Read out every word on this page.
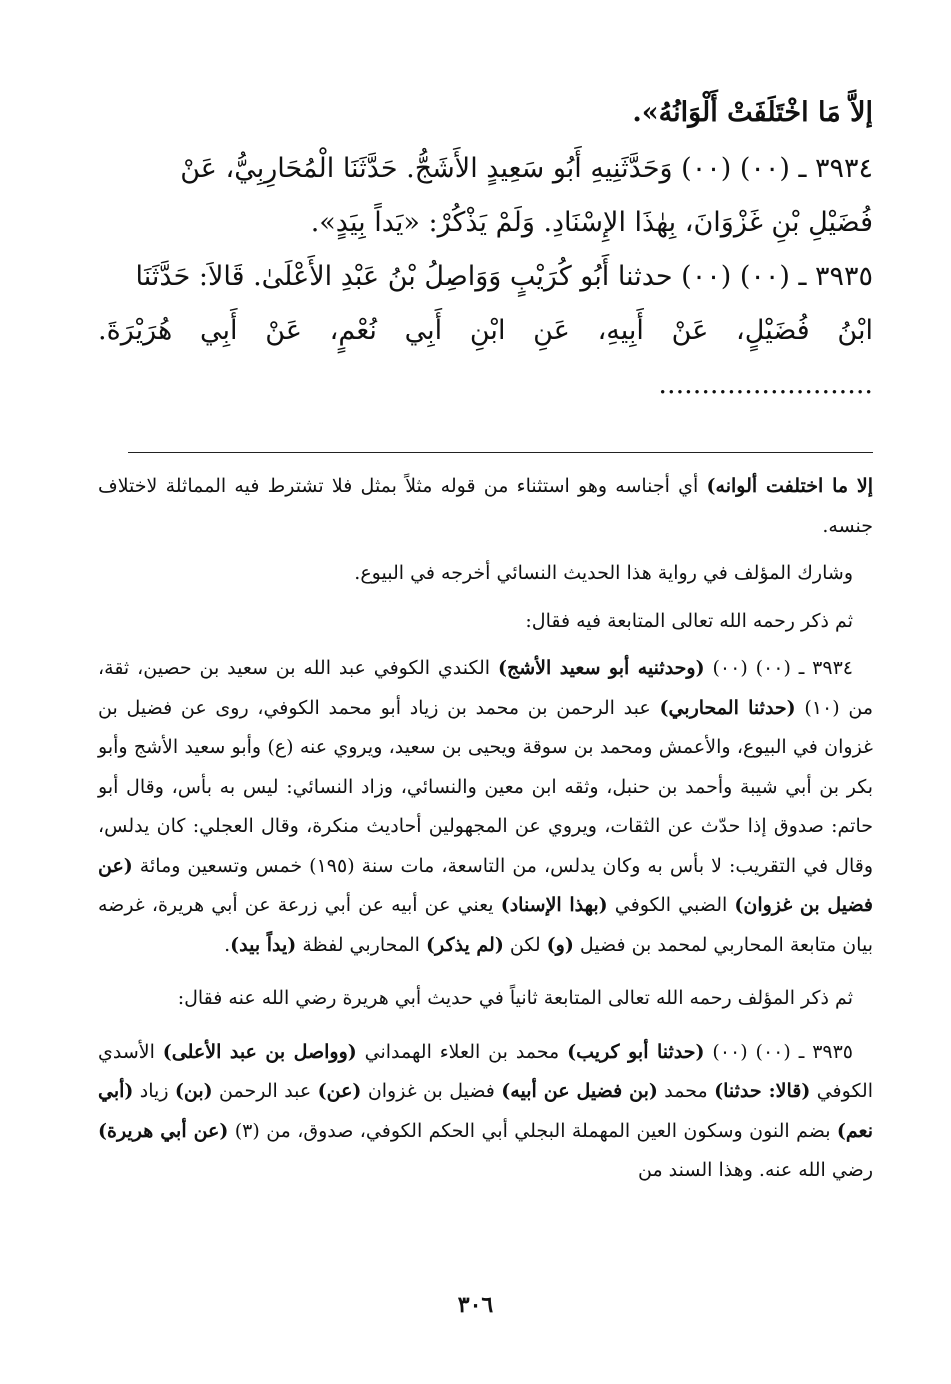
إلاَّ مَا اخْتَلَفَتْ أَلْوَانُهُ».

٣٩٣٤ ـ (٠٠) (٠٠) وَحَدَّثَنِيهِ أَبُو سَعِيدٍ الأَشَجُّ. حَدَّثَنَا الْمُحَارِبِيُّ، عَنْ
فُضَيْلِ بْنِ غَزْوَانَ، بِهٰذَا الإِسْنَادِ. وَلَمْ يَذْكُرْ: «يَداً بِيَدٍ».

٣٩٣٥ ـ (٠٠) (٠٠) حدثنا أَبُو كُرَيْبٍ وَوَاصِلُ بْنُ عَبْدِ الأَعْلَىٰ. قَالاَ: حَدَّثَنَا
ابْنُ فُضَيْلٍ، عَنْ أَبِيهِ، عَنِ ابْنِ أَبِي نُعْمٍ، عَنْ أَبِي هُرَيْرَةَ. .........................

إلا ما اختلفت ألوانه) أي أجناسه وهو استثناء من قوله مثلاً بمثل فلا تشترط فيه المماثلة لاختلاف جنسه.

وشارك المؤلف في رواية هذا الحديث النسائي أخرجه في البيوع.

ثم ذكر رحمه الله تعالى المتابعة فيه فقال:

٣٩٣٤ ـ (٠٠) (٠٠) (وحدثنيه أبو سعيد الأشج) الكندي الكوفي عبد الله بن سعيد بن حصين، ثقة، من (١٠) (حدثنا المحاربي) عبد الرحمن بن محمد بن زياد أبو محمد الكوفي، روى عن فضيل بن غزوان في البيوع، والأعمش ومحمد بن سوقة ويحيى بن سعيد، ويروي عنه (ع) وأبو سعيد الأشج وأبو بكر بن أبي شيبة وأحمد بن حنبل، وثقه ابن معين والنسائي، وزاد النسائي: ليس به بأس، وقال أبو حاتم: صدوق إذا حدّث عن الثقات، ويروي عن المجهولين أحاديث منكرة، وقال العجلي: كان يدلس، وقال في التقريب: لا بأس به وكان يدلس، من التاسعة، مات سنة (١٩٥) خمس وتسعين ومائة (عن فضيل بن غزوان) الضبي الكوفي (بهذا الإسناد) يعني عن أبيه عن أبي زرعة عن أبي هريرة، غرضه بيان متابعة المحاربي لمحمد بن فضيل (و) لكن (لم يذكر) المحاربي لفظة (يداً بيد).

ثم ذكر المؤلف رحمه الله تعالى المتابعة ثانياً في حديث أبي هريرة رضي الله عنه فقال:

٣٩٣٥ ـ (٠٠) (٠٠) (حدثنا أبو كريب) محمد بن العلاء الهمداني (وواصل بن عبد الأعلى) الأسدي الكوفي (قالا: حدثنا) محمد (بن فضيل عن أبيه) فضيل بن غزوان (عن) عبد الرحمن (بن) زياد (أبي نعم) بضم النون وسكون العين المهملة البجلي أبي الحكم الكوفي، صدوق، من (٣) (عن أبي هريرة) رضي الله عنه. وهذا السند من

٣٠٦
